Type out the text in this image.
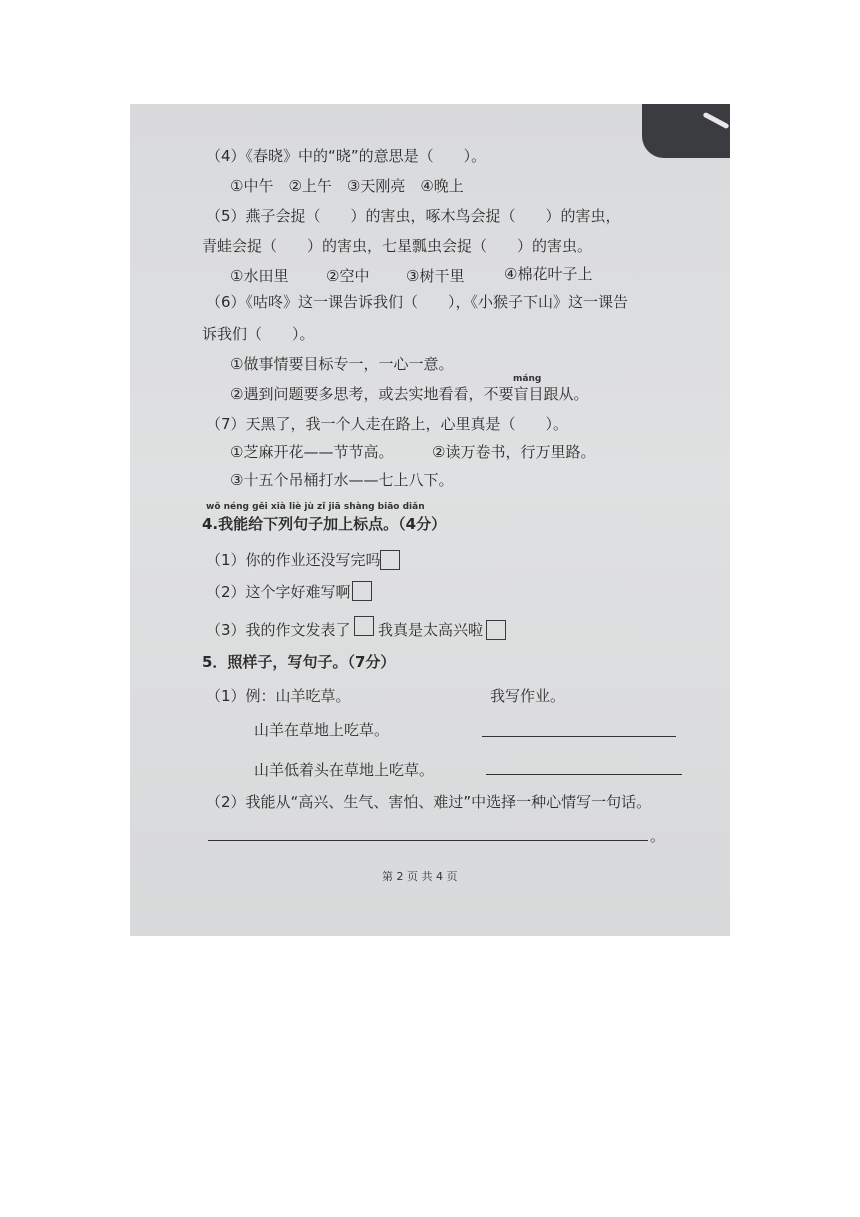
（4）《春晓》中的“晓”的意思是（　　）。
①中午　②上午　③天刚亮　④晚上
（5）燕子会捉（　　）的害虫，啄木鸟会捉（　　）的害虫，
青蛙会捉（　　）的害虫，七星瓢虫会捉（　　）的害虫。
①水田里	②空中 ③树干里	④棉花叶子上
（6）《咕咚》这一课告诉我们（　　），《小猴子下山》这一课告
诉我们（　　）。
①做事情要目标专一，一心一意。
máng
②遇到问题要多思考，或去实地看看，不要盲目跟从。
（7）天黑了，我一个人走在路上，心里真是（　　）。
①芝麻开花——节节高。	②读万卷书，行万里路。
③十五个吊桶打水——七上八下。
wǒ néng gěi xià liè jù zǐ jiā shàng biāo diǎn
4.我能给下列句子加上标点。（4分）
（1）你的作业还没写完吗
（2）这个字好难写啊
（3）我的作文发表了 我真是太高兴啦
5．照样子，写句子。（7分）
（1）例：山羊吃草。	我写作业。
山羊在草地上吃草。
山羊低着头在草地上吃草。
（2）我能从“高兴、生气、害怕、难过”中选择一种心情写一句话。
。
第 2 页 共 4 页
